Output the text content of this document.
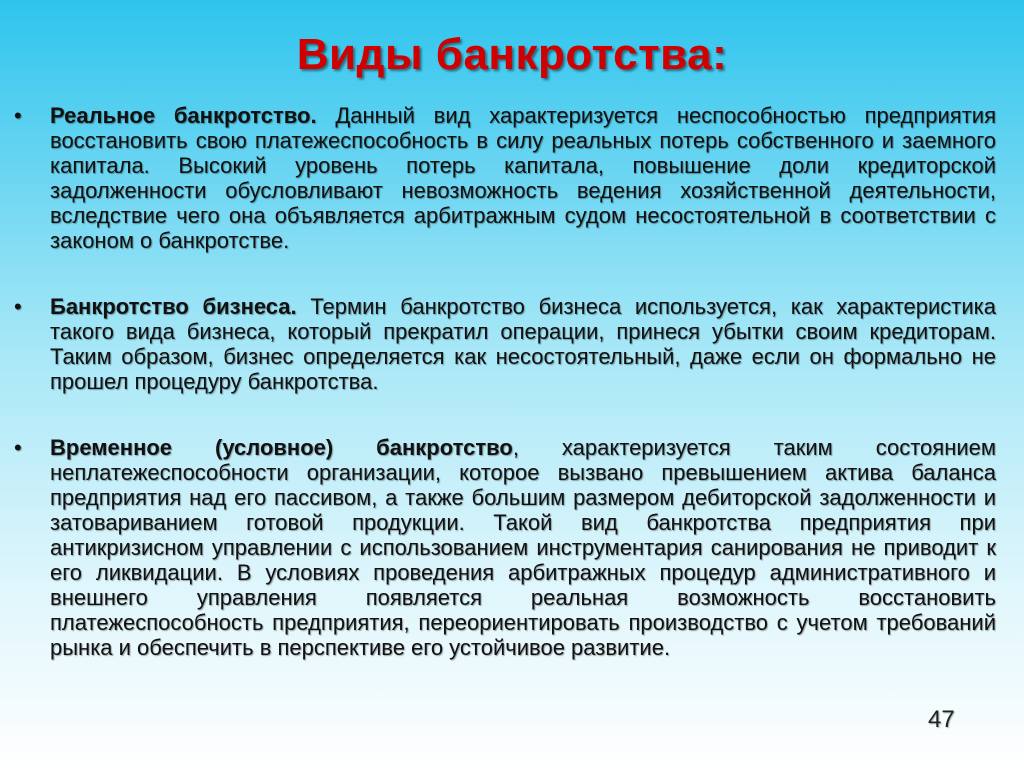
Виды банкротства:
• Реальное банкротство. Данный вид характеризуется неспособностью предприятия восстановить свою платежеспособность в силу реальных потерь собственного и заемного капитала. Высокий уровень потерь капитала, повышение доли кредиторской задолженности обусловливают невозможность ведения хозяйственной деятельности, вследствие чего она объявляется арбитражным судом несостоятельной в соответствии с законом о банкротстве.
• Банкротство бизнеса. Термин банкротство бизнеса используется, как характеристика такого вида бизнеса, который прекратил операции, принеся убытки своим кредиторам. Таким образом, бизнес определяется как несостоятельный, даже если он формально не прошел процедуру банкротства.
• Временное (условное) банкротство, характеризуется таким состоянием неплатежеспособности организации, которое вызвано превышением актива баланса предприятия над его пассивом, а также большим размером дебиторской задолженности и затовариванием готовой продукции. Такой вид банкротства предприятия при антикризисном управлении с использованием инструментария санирования не приводит к его ликвидации. В условиях проведения арбитражных процедур административного и внешнего управления появляется реальная возможность восстановить платежеспособность предприятия, переориентировать производство с учетом требований рынка и обеспечить в перспективе его устойчивое развитие.
47
